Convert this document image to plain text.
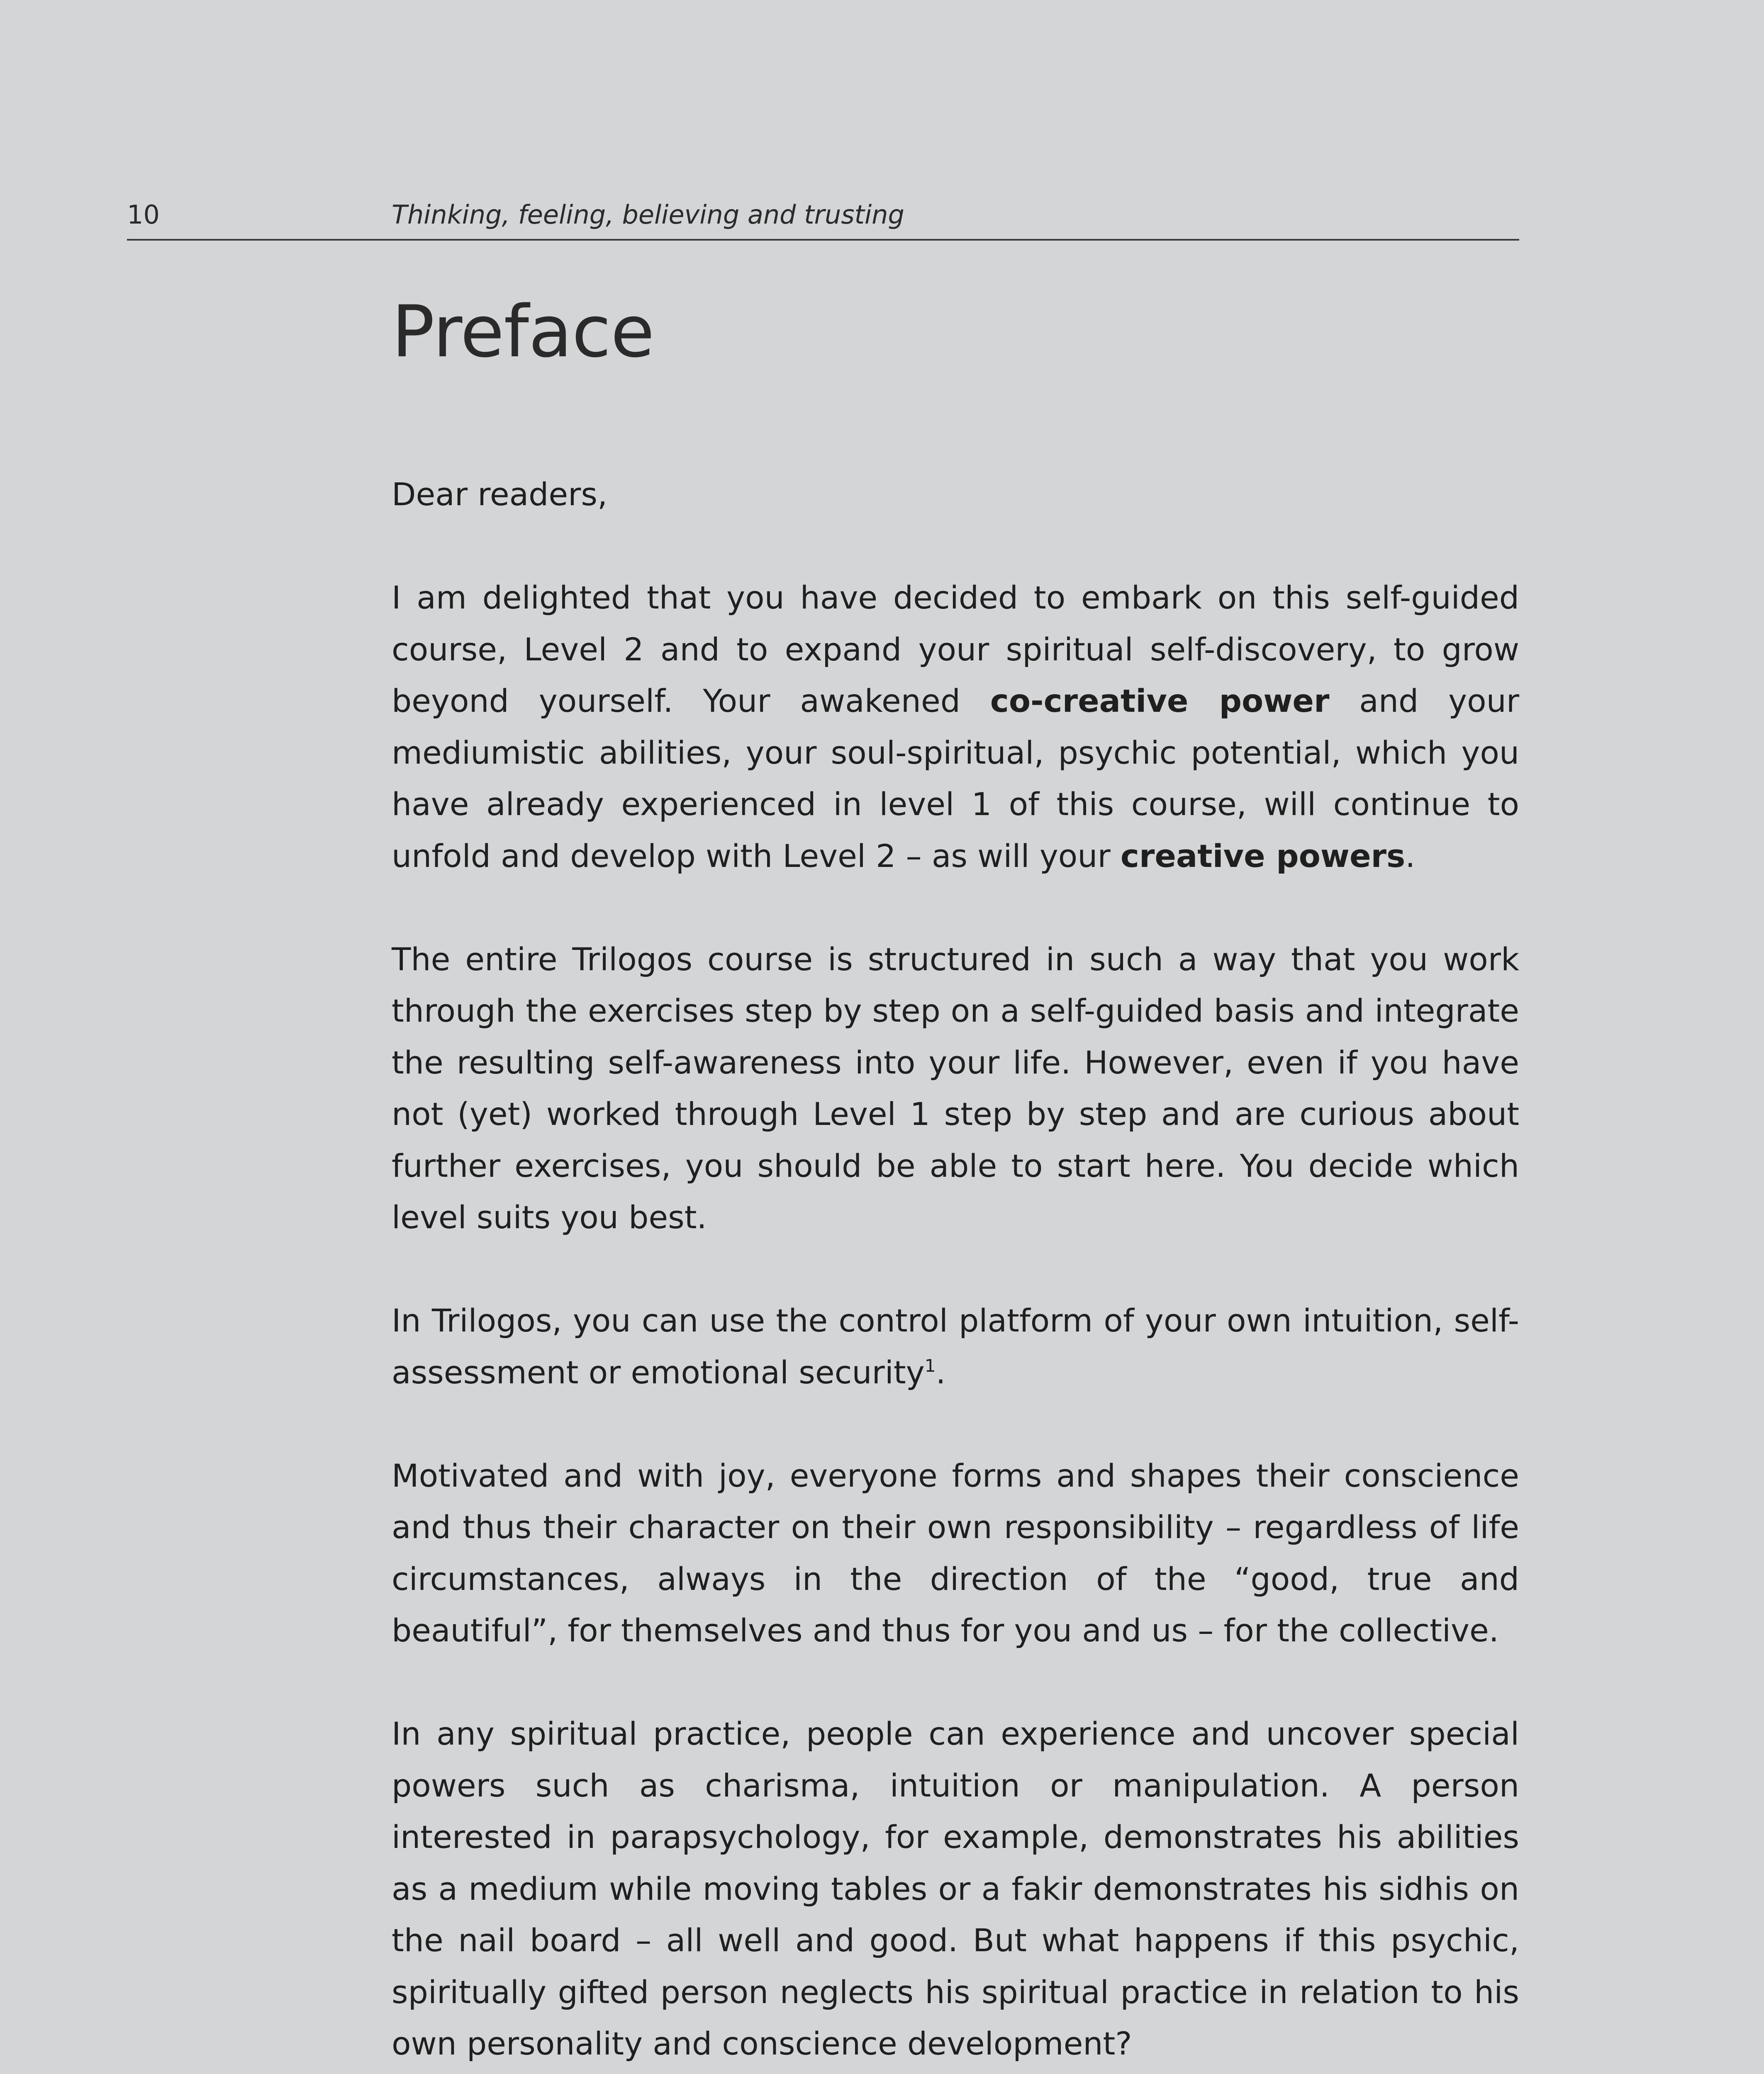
10	Thinking, feeling, believing and trusting
Preface

Dear readers,

I am delighted that you have decided to embark on this self-guided course, Level 2 and to expand your spiritual self-discovery, to grow beyond yourself. Your awakened co-creative power and your mediumistic abilities, your soul-spiritual, psychic potential, which you have already experienced in level 1 of this course, will continue to unfold and develop with Level 2 – as will your creative powers.

The entire Trilogos course is structured in such a way that you work through the exercises step by step on a self-guided basis and integrate the resulting self-awareness into your life. However, even if you have not (yet) worked through Level 1 step by step and are curious about further exercises, you should be able to start here. You decide which level suits you best.

In Trilogos, you can use the control platform of your own intuition, self-assessment or emotional security$^1$.

Motivated and with joy, everyone forms and shapes their conscience and thus their character on their own responsibility – regardless of life circumstances, always in the direction of the “good, true and beautiful”, for themselves and thus for you and us – for the collective.

In any spiritual practice, people can experience and uncover special powers such as charisma, intuition or manipulation. A person interested in parapsychology, for example, demonstrates his abilities as a medium while moving tables or a fakir demonstrates his sidhis on the nail board – all well and good. But what happens if this psychic, spiritually gifted person neglects his spiritual practice in relation to his own personality and conscience development?
